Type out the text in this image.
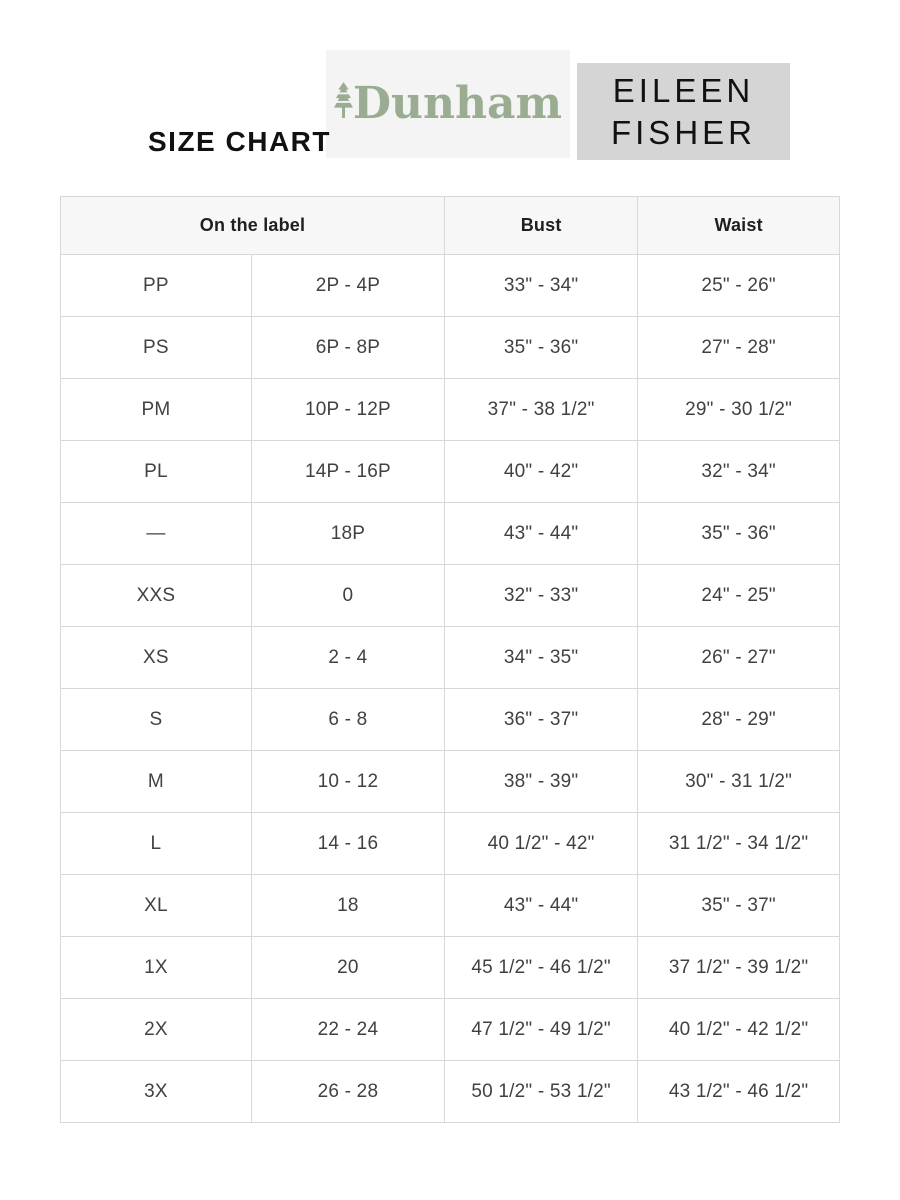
Dunham EILEEN
FISHER
SIZE CHART
On the label		Bust	Waist
PP	2P - 4P	33" - 34"	25" - 26"
PS	6P - 8P	35" - 36"	27" - 28"
PM	10P - 12P	37" - 38 1/2"	29" - 30 1/2"
PL	14P - 16P	40" - 42"	32" - 34"
—	18P	43" - 44"	35" - 36"
XXS	0	32" - 33"	24" - 25"
XS	2 - 4	34" - 35"	26" - 27"
S	6 - 8	36" - 37"	28" - 29"
M	10 - 12	38" - 39"	30" - 31 1/2"
L	14 - 16	40 1/2" - 42"	31 1/2" - 34 1/2"
XL	18	43" - 44"	35" - 37"
1X	20	45 1/2" - 46 1/2"	37 1/2" - 39 1/2"
2X	22 - 24	47 1/2" - 49 1/2"	40 1/2" - 42 1/2"
3X	26 - 28	50 1/2" - 53 1/2"	43 1/2" - 46 1/2"
